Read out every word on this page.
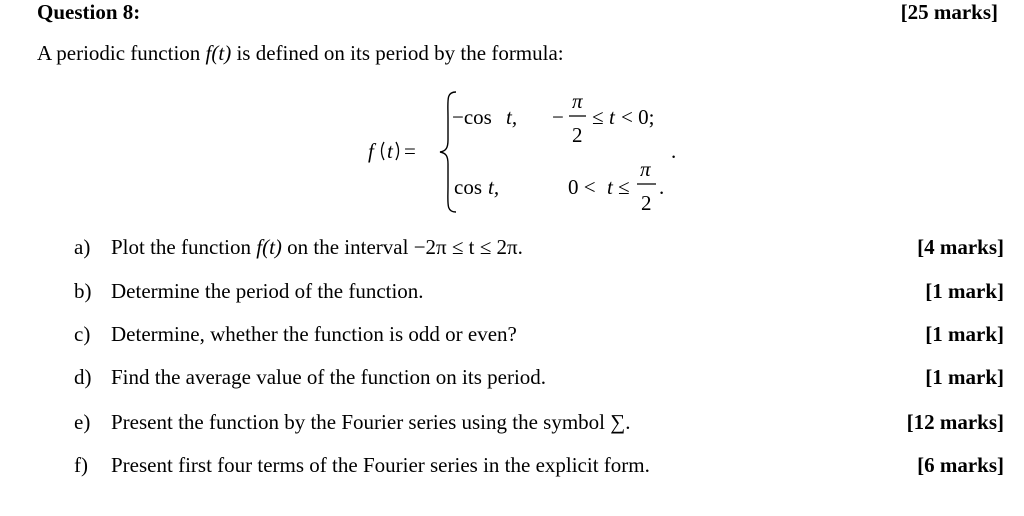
Question 8:	[25 marks]
A periodic function f(t) is defined on its period by the formula:
f t =
−cos t, −
π
2
≤ t < 0;
cos t,	0 < t ≤
π
2
.
.
a) Plot the function f(t) on the interval −2π ≤ t ≤ 2π.	[4 marks]
b) Determine the period of the function.	[1 mark]
c) Determine, whether the function is odd or even?	[1 mark]
d) Find the average value of the function on its period.	[1 mark]
e) Present the function by the Fourier series using the symbol ∑.	[12 marks]
f) Present first four terms of the Fourier series in the explicit form.	[6 marks]
